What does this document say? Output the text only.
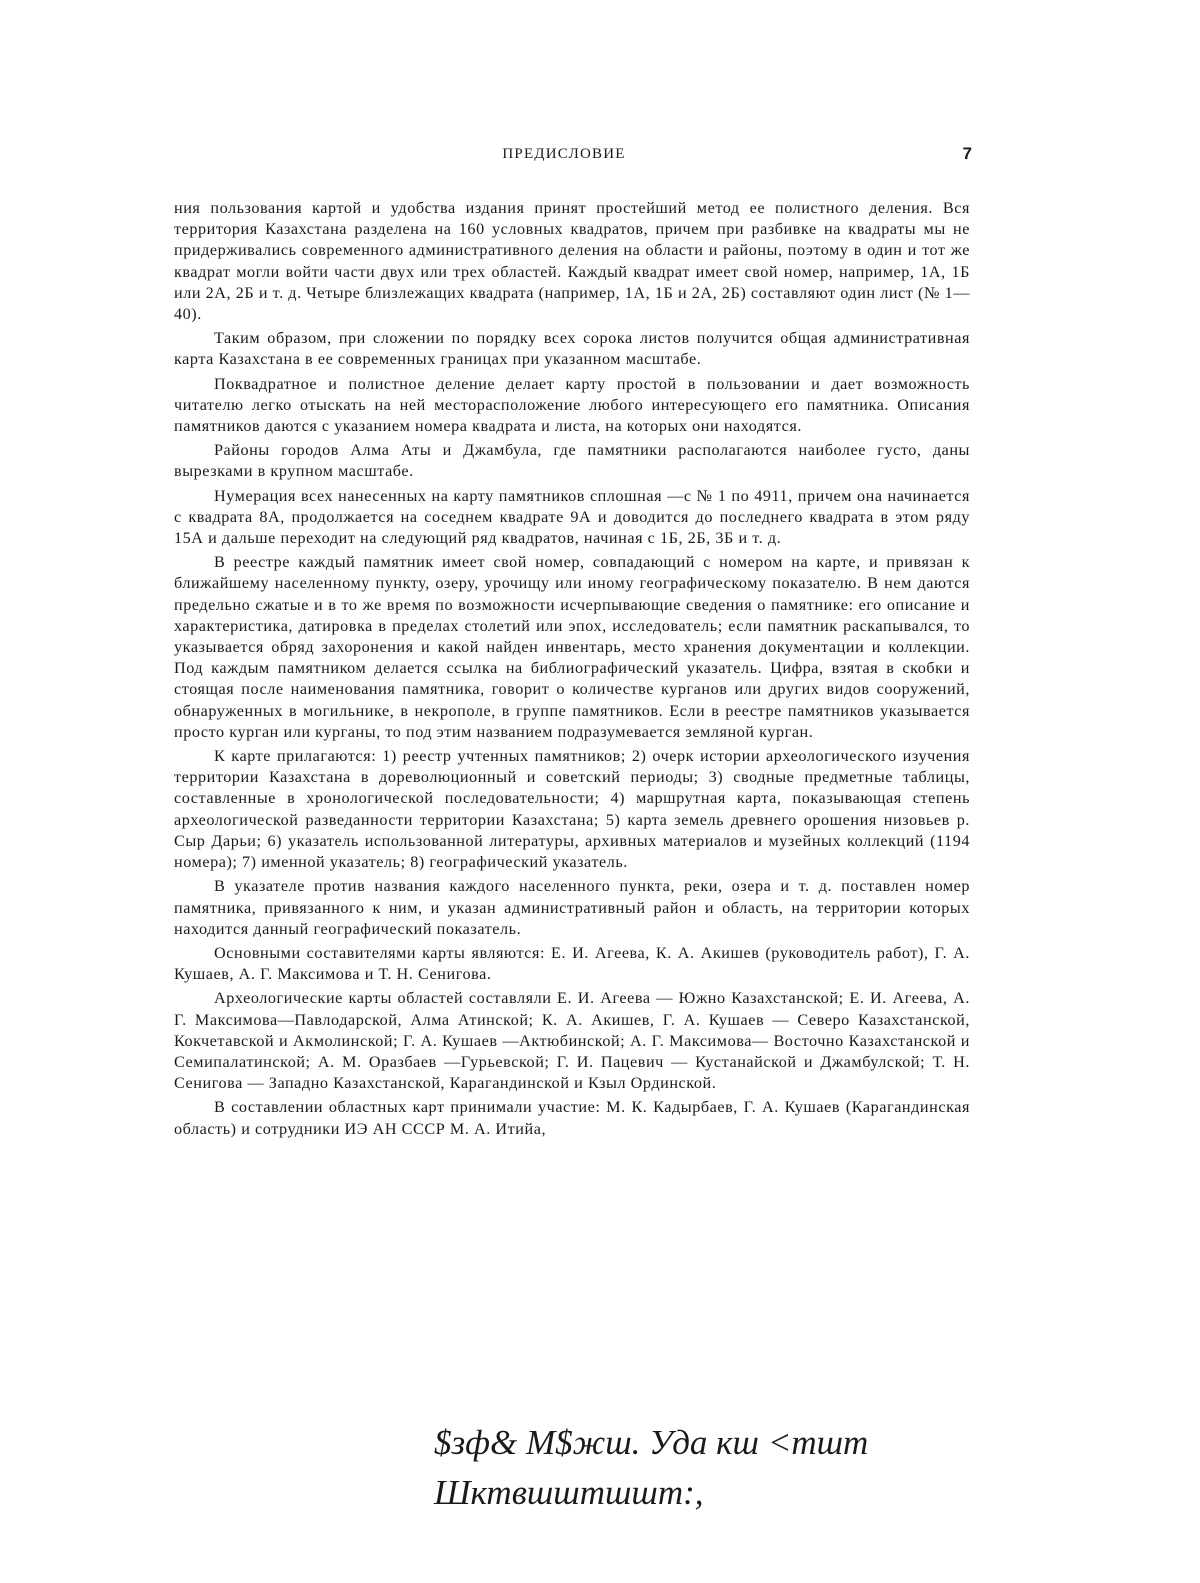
ПРЕДИСЛОВИЕ	7

ния пользования картой и удобства издания принят простейший метод ее полистного деления. Вся территория Казахстана разделена на 160 условных квадратов, причем при разбивке на квадраты мы не придерживались современного административного деления на области и районы, поэтому в один и тот же квадрат могли войти части двух или трех областей. Каждый квадрат имеет свой номер, например, 1А, 1Б или 2А, 2Б и т. д. Четыре близлежащих квадрата (например, 1А, 1Б и 2А, 2Б) составляют один лист (№ 1—40).

Таким образом, при сложении по порядку всех сорока листов получится общая административная карта Казахстана в ее современных границах при указанном масштабе.

Поквадратное и полистное деление делает карту простой в пользовании и дает возможность читателю легко отыскать на ней месторасположение любого интересующего его памятника. Описания памятников даются с указанием номера квадрата и листа, на которых они находятся.

Районы городов Алма Аты и Джамбула, где памятники располагаются наиболее густо, даны вырезками в крупном масштабе.

Нумерация всех нанесенных на карту памятников сплошная —с № 1 по 4911, причем она начинается с квадрата 8А, продолжается на соседнем квадрате 9А и доводится до последнего квадрата в этом ряду 15А и дальше переходит на следующий ряд квадратов, начиная с 1Б, 2Б, 3Б и т. д.

В реестре каждый памятник имеет свой номер, совпадающий с номером на карте, и привязан к ближайшему населенному пункту, озеру, урочищу или иному географическому показателю. В нем даются предельно сжатые и в то же время по возможности исчерпывающие сведения о памятнике: его описание и характеристика, датировка в пределах столетий или эпох, исследователь; если памятник раскапывался, то указывается обряд захоронения и какой найден инвентарь, место хранения документации и коллекции. Под каждым памятником делается ссылка на библиографический указатель. Цифра, взятая в скобки и стоящая после наименования памятника, говорит о количестве курганов или других видов сооружений, обнаруженных в могильнике, в некрополе, в группе памятников. Если в реестре памятников указывается просто курган или курганы, то под этим названием подразумевается земляной курган.

К карте прилагаются: 1) реестр учтенных памятников; 2) очерк истории археологического изучения территории Казахстана в дореволюционный и советский периоды; 3) сводные предметные таблицы, составленные в хронологической последовательности; 4) маршрутная карта, показывающая степень археологической разведанности территории Казахстана; 5) карта земель древнего орошения низовьев р. Сыр Дарьи; 6) указатель использованной литературы, архивных материалов и музейных коллекций (1194 номера); 7) именной указатель; 8) географический указатель.

В указателе против названия каждого населенного пункта, реки, озера и т. д. поставлен номер памятника, привязанного к ним, и указан административный район и область, на территории которых находится данный географический показатель.

Основными составителями карты являются: Е. И. Агеева, К. А. Акишев (руководитель работ), Г. А. Кушаев, А. Г. Максимова и Т. Н. Сенигова.

Археологические карты областей составляли Е. И. Агеева — Южно Казахстанской; Е. И. Агеева, А. Г. Максимова—Павлодарской, Алма Атинской; К. А. Акишев, Г. А. Кушаев — Северо Казахстанской, Кокчетавской и Акмолинской; Г. А. Кушаев —Актюбинской; А. Г. Максимова— Восточно Казахстанской и Семипалатинской; А. М. Оразбаев —Гурьевской; Г. И. Пацевич — Кустанайской и Джамбулской; Т. Н. Сенигова — Западно Казахстанской, Карагандинской и Кзыл Ординской.

В составлении областных карт принимали участие: М. К. Кадырбаев, Г. А. Кушаев (Карагандинская область) и сотрудники ИЭ АН СССР М. А. Итийа,

$зф& М$жш. Уда кш <тшт
Шктвшштшшт:,
